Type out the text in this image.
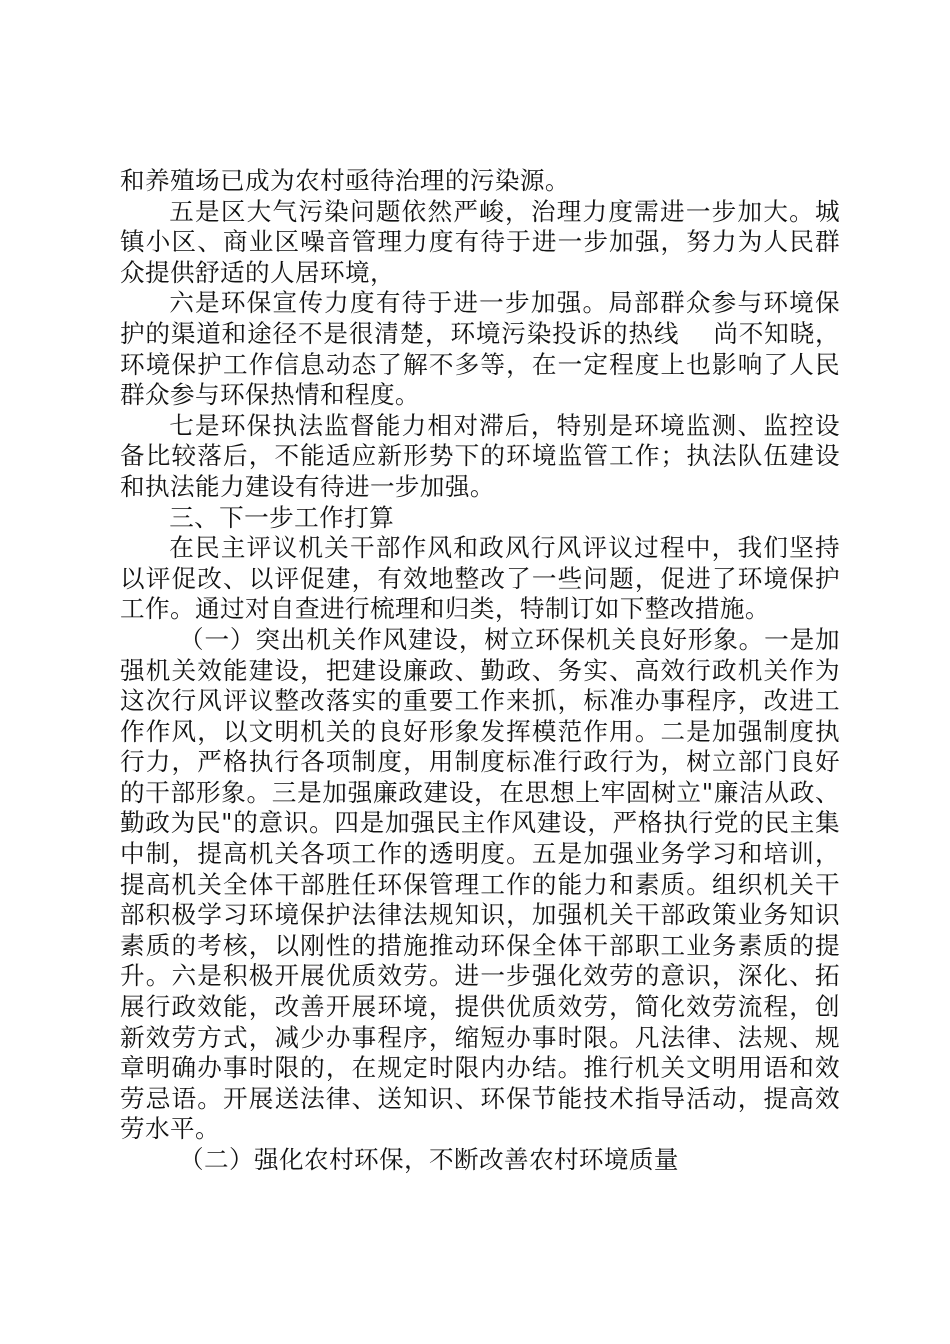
和养殖场已成为农村亟待治理的污染源。

五是区大气污染问题依然严峻，治理力度需进一步加大。城镇小区、商业区噪音管理力度有待于进一步加强，努力为人民群众提供舒适的人居环境，

六是环保宣传力度有待于进一步加强。局部群众参与环境保护的渠道和途径不是很清楚，环境污染投诉的热线　 尚不知晓，环境保护工作信息动态了解不多等，在一定程度上也影响了人民群众参与环保热情和程度。

七是环保执法监督能力相对滞后，特别是环境监测、监控设备比较落后，不能适应新形势下的环境监管工作；执法队伍建设和执法能力建设有待进一步加强。

三、下一步工作打算

在民主评议机关干部作风和政风行风评议过程中，我们坚持以评促改、以评促建，有效地整改了一些问题，促进了环境保护工作。通过对自查进行梳理和归类，特制订如下整改措施。

（一）突出机关作风建设，树立环保机关良好形象。一是加强机关效能建设，把建设廉政、勤政、务实、高效行政机关作为这次行风评议整改落实的重要工作来抓，标准办事程序，改进工作作风，以文明机关的良好形象发挥模范作用。二是加强制度执行力，严格执行各项制度，用制度标准行政行为，树立部门良好的干部形象。三是加强廉政建设，在思想上牢固树立"廉洁从政、勤政为民"的意识。四是加强民主作风建设，严格执行党的民主集中制，提高机关各项工作的透明度。五是加强业务学习和培训，提高机关全体干部胜任环保管理工作的能力和素质。组织机关干部积极学习环境保护法律法规知识，加强机关干部政策业务知识素质的考核，以刚性的措施推动环保全体干部职工业务素质的提升。六是积极开展优质效劳。进一步强化效劳的意识，深化、拓展行政效能，改善开展环境，提供优质效劳，简化效劳流程，创新效劳方式，减少办事程序，缩短办事时限。凡法律、法规、规章明确办事时限的，在规定时限内办结。推行机关文明用语和效劳忌语。开展送法律、送知识、环保节能技术指导活动，提高效劳水平。

（二）强化农村环保，不断改善农村环境质量
